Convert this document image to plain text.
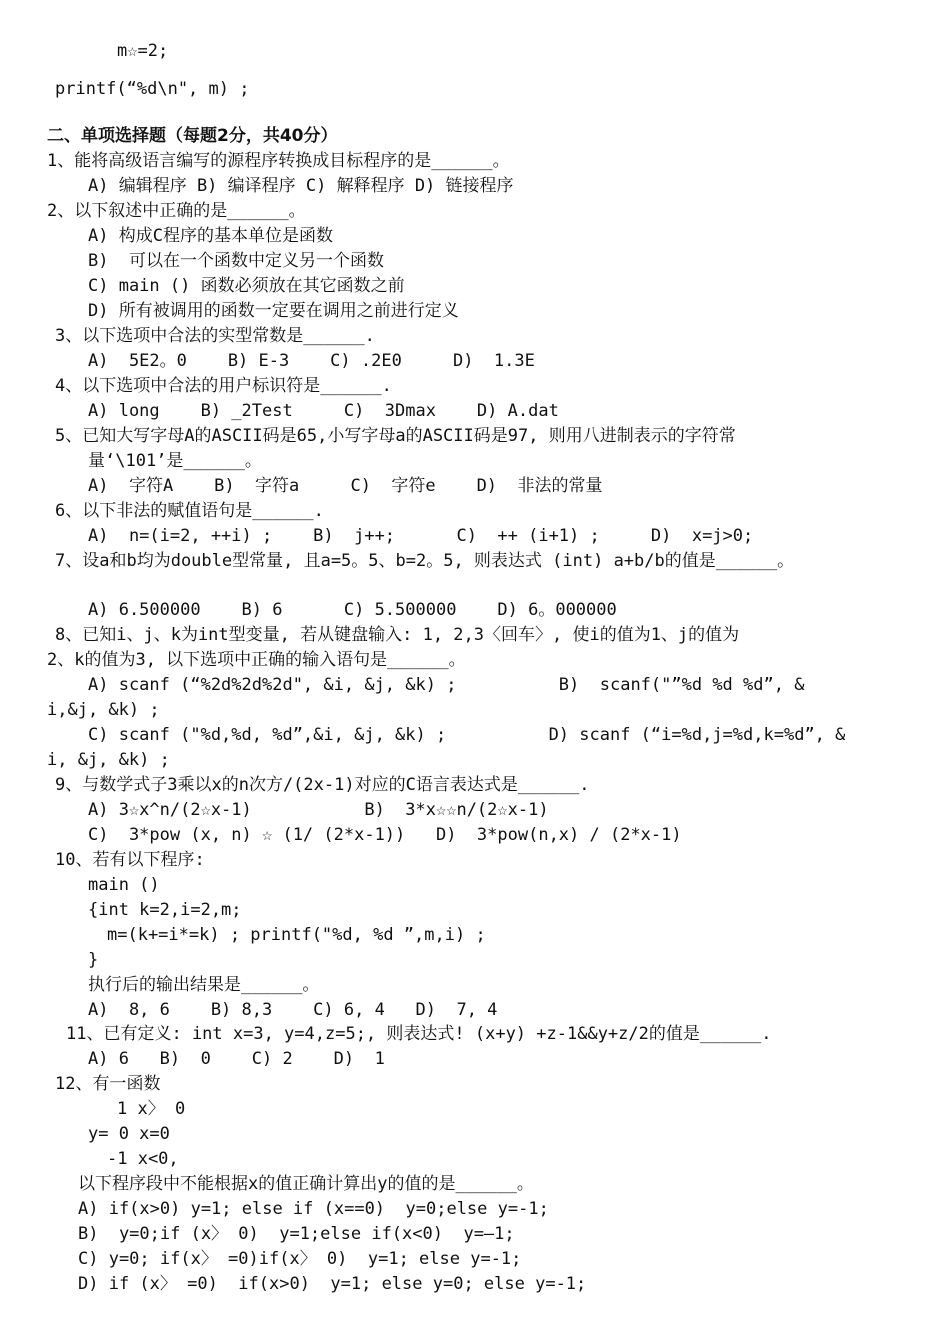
m☆=2;
printf(“%d\n", m) ;
二、单项选择题（每题2分，共40分）
1、能将高级语言编写的源程序转换成目标程序的是______。
A) 编辑程序 B) 编译程序 C) 解释程序 D) 链接程序
2、以下叙述中正确的是______。
A) 构成C程序的基本单位是函数
B)  可以在一个函数中定义另一个函数
C) main () 函数必须放在其它函数之前
D) 所有被调用的函数一定要在调用之前进行定义
3、以下选项中合法的实型常数是______.
A)  5E2。0    B) E-3    C) .2E0     D)  1.3E
4、以下选项中合法的用户标识符是______.
A) long    B) _2Test     C)  3Dmax    D) A.dat
5、已知大写字母A的ASCII码是65,小写字母a的ASCII码是97, 则用八进制表示的字符常
量‘\101’是______。
A)  字符A    B)  字符a     C)  字符e    D)  非法的常量
6、以下非法的赋值语句是______.
A)  n=(i=2, ++i) ;    B)  j++;      C)  ++ (i+1) ;     D)  x=j>0;
7、设a和b均为double型常量, 且a=5。5、b=2。5, 则表达式 (int) a+b/b的值是______。
A) 6.500000    B) 6      C) 5.500000    D) 6。000000
8、已知i、j、k为int型变量, 若从键盘输入: 1, 2,3〈回车〉, 使i的值为1、j的值为
2、k的值为3, 以下选项中正确的输入语句是______。
A) scanf (“%2d%2d%2d", &i, &j, &k) ;          B)  scanf("”%d %d %d”, &
i,&j, &k) ;
C) scanf ("%d,%d, %d”,&i, &j, &k) ;          D) scanf (“i=%d,j=%d,k=%d”, &
i, &j, &k) ;
9、与数学式子3乘以x的n次方/(2x-1)对应的C语言表达式是______.
A) 3☆x^n/(2☆x-1)           B)  3*x☆☆n/(2☆x-1)
C)  3*pow (x, n) ☆ (1/ (2*x-1))   D)  3*pow(n,x) / (2*x-1)
10、若有以下程序:
main ()
{int k=2,i=2,m;
m=(k+=i*=k) ; printf("%d, %d ”,m,i) ;
}
执行后的输出结果是______。
A)  8, 6    B) 8,3    C) 6, 4   D)  7, 4
11、已有定义: int x=3, y=4,z=5;, 则表达式! (x+y) +z-1&&y+z/2的值是______.
A) 6   B)  0    C) 2    D)  1
12、有一函数
1 x〉 0
y= 0 x=0
-1 x<0,
以下程序段中不能根据x的值正确计算出y的值的是______。
A) if(x>0) y=1; else if (x==0)  y=0;else y=-1;
B)  y=0;if (x〉 0)  y=1;else if(x<0)  y=—1;
C) y=0; if(x〉 =0)if(x〉 0)  y=1; else y=-1;
D) if (x〉 =0)  if(x>0)  y=1; else y=0; else y=-1;
